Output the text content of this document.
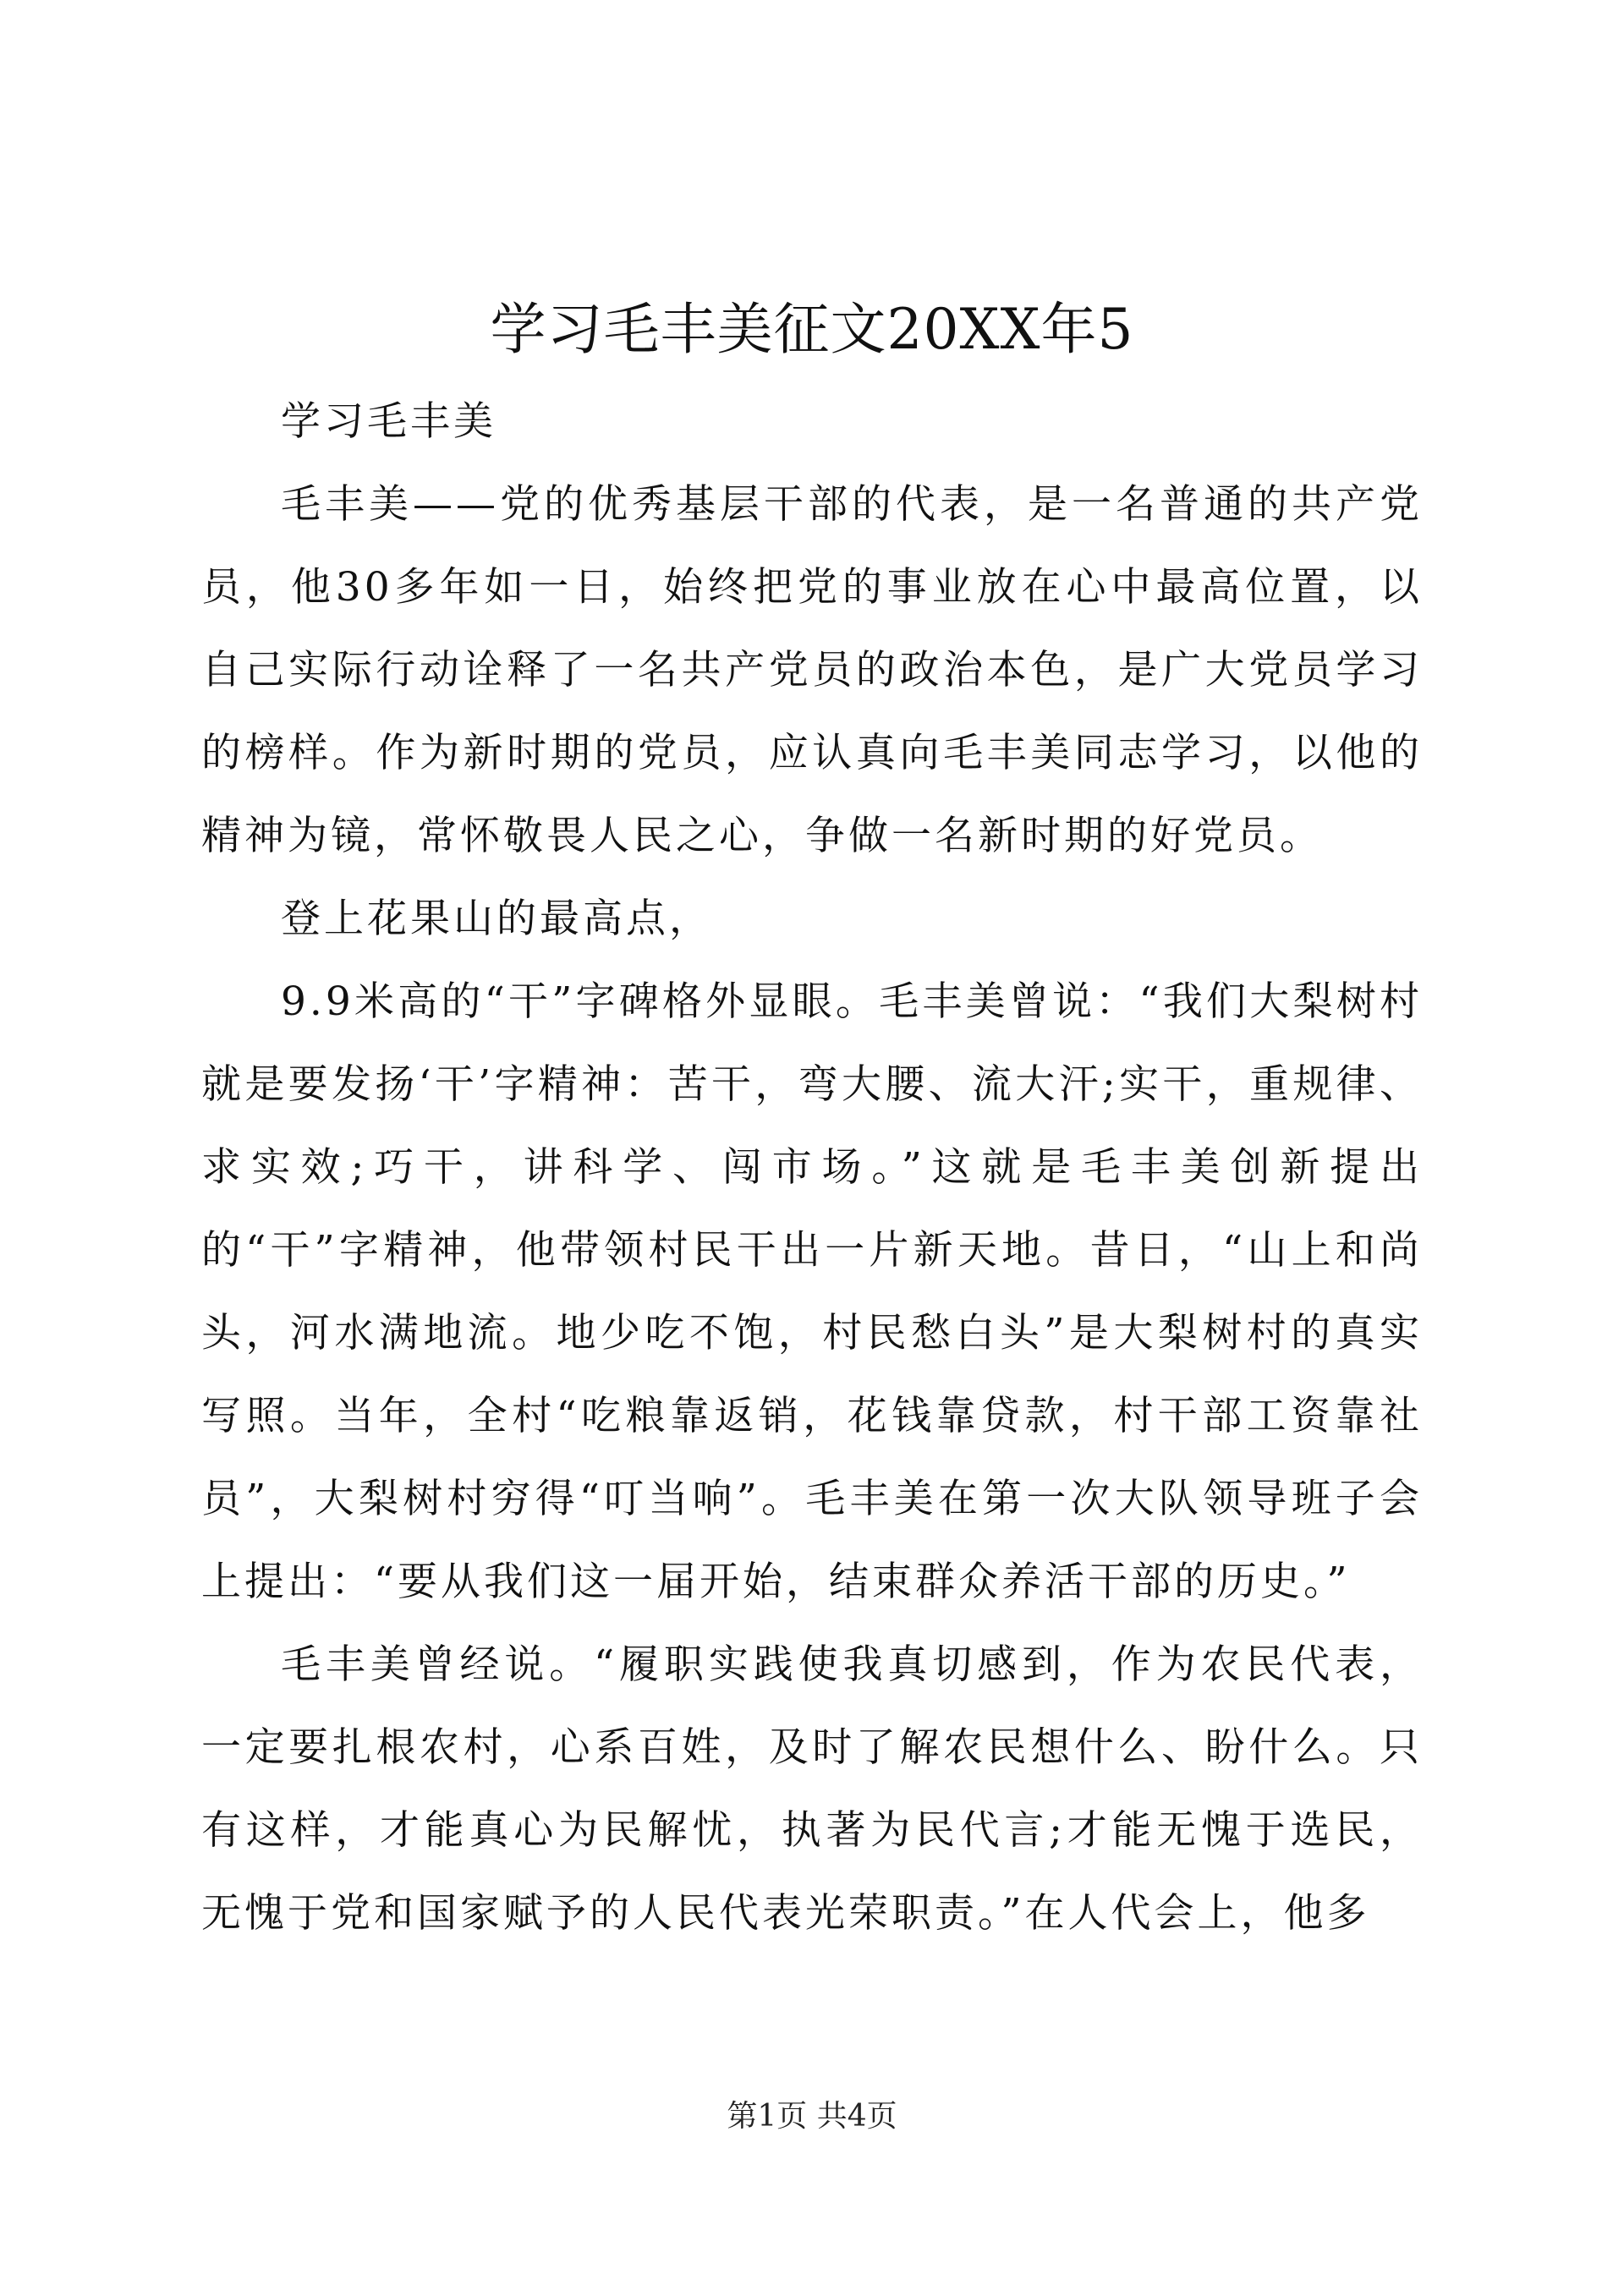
学习毛丰美征文20XX年5

学习毛丰美

毛丰美——党的优秀基层干部的代表，是一名普通的共产党员，他30多年如一日，始终把党的事业放在心中最高位置，以自己实际行动诠释了一名共产党员的政治本色，是广大党员学习的榜样。作为新时期的党员，应认真向毛丰美同志学习，以他的精神为镜，常怀敬畏人民之心，争做一名新时期的好党员。

登上花果山的最高点，

9.9米高的“干”字碑格外显眼。毛丰美曾说：“我们大梨树村就是要发扬‘干’字精神：苦干，弯大腰、流大汗;实干，重规律、求实效;巧干，讲科学、闯市场。”这就是毛丰美创新提出的“干”字精神，他带领村民干出一片新天地。昔日，“山上和尚头，河水满地流。地少吃不饱，村民愁白头”是大梨树村的真实写照。当年，全村“吃粮靠返销，花钱靠贷款，村干部工资靠社员”，大梨树村穷得“叮当响”。毛丰美在第一次大队领导班子会上提出：“要从我们这一届开始，结束群众养活干部的历史。”

毛丰美曾经说。“履职实践使我真切感到，作为农民代表，一定要扎根农村，心系百姓，及时了解农民想什么、盼什么。只有这样，才能真心为民解忧，执著为民代言;才能无愧于选民，无愧于党和国家赋予的人民代表光荣职责。”在人代会上，他多

第1页 共4页
